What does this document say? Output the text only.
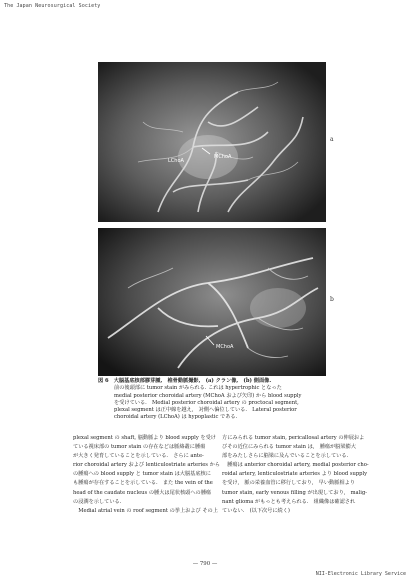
The Japan Neurosurgical Society
LChoA
MChoA
MChoA
a
b
図 6　大脳基底核部膠芽腫,　椎骨動脈撮影,　(a) クラン像,　(b) 側面像.
前の後頭部に tumor stain がみられる. これは hypertrophic となった
medial posterior choroidal artery (MChoA および矢印) から blood supply
を受けている.　Medial posterior choroidal artery の proctocal segment,
plexal segment は正中線を越え,　対側へ偏位している.　Lateral posterior
choroidal artery (LChoA) は hypoplastic である.
plexal segment の shaft, 脳動脈より blood supply を受け
ている視床部の tumor stain の存在などは脈絡叢に腫瘍
が大きく発育していることを示している.　さらに ante-
rior choroidal artery および lenticulostriate arteries から
の腫瘍への blood supply と tumor stain は大脳基底核に
も腫瘍が存在することを示している.　また the vein of the
head of the caudate nucleus の腫大は尾状核頭への腫瘍
の浸潤を示している.
　Medial atrial vein の roof segment の挙上および その上
方にみられる tumor stain, pericallosal artery の伸展およ
びその近位にみられる tumor stain は,　腫瘍が脳梁膨大
部をみたしさらに脳梁に及んでいることを示している.
　腫瘍は anterior choroidal artery, medial posterior cho-
roidal artery, lenticulostriate arteries より blood supply
を受け,　脈の栄養血管に移行しており,　早い動脈相より
tumor stain, early venous filling が出現しており,　malig-
nant glioma がもっとも考えられる.　組織像は確認され
ていない.　(以下次号に続く)
— 790 —
NII-Electronic Library Service
